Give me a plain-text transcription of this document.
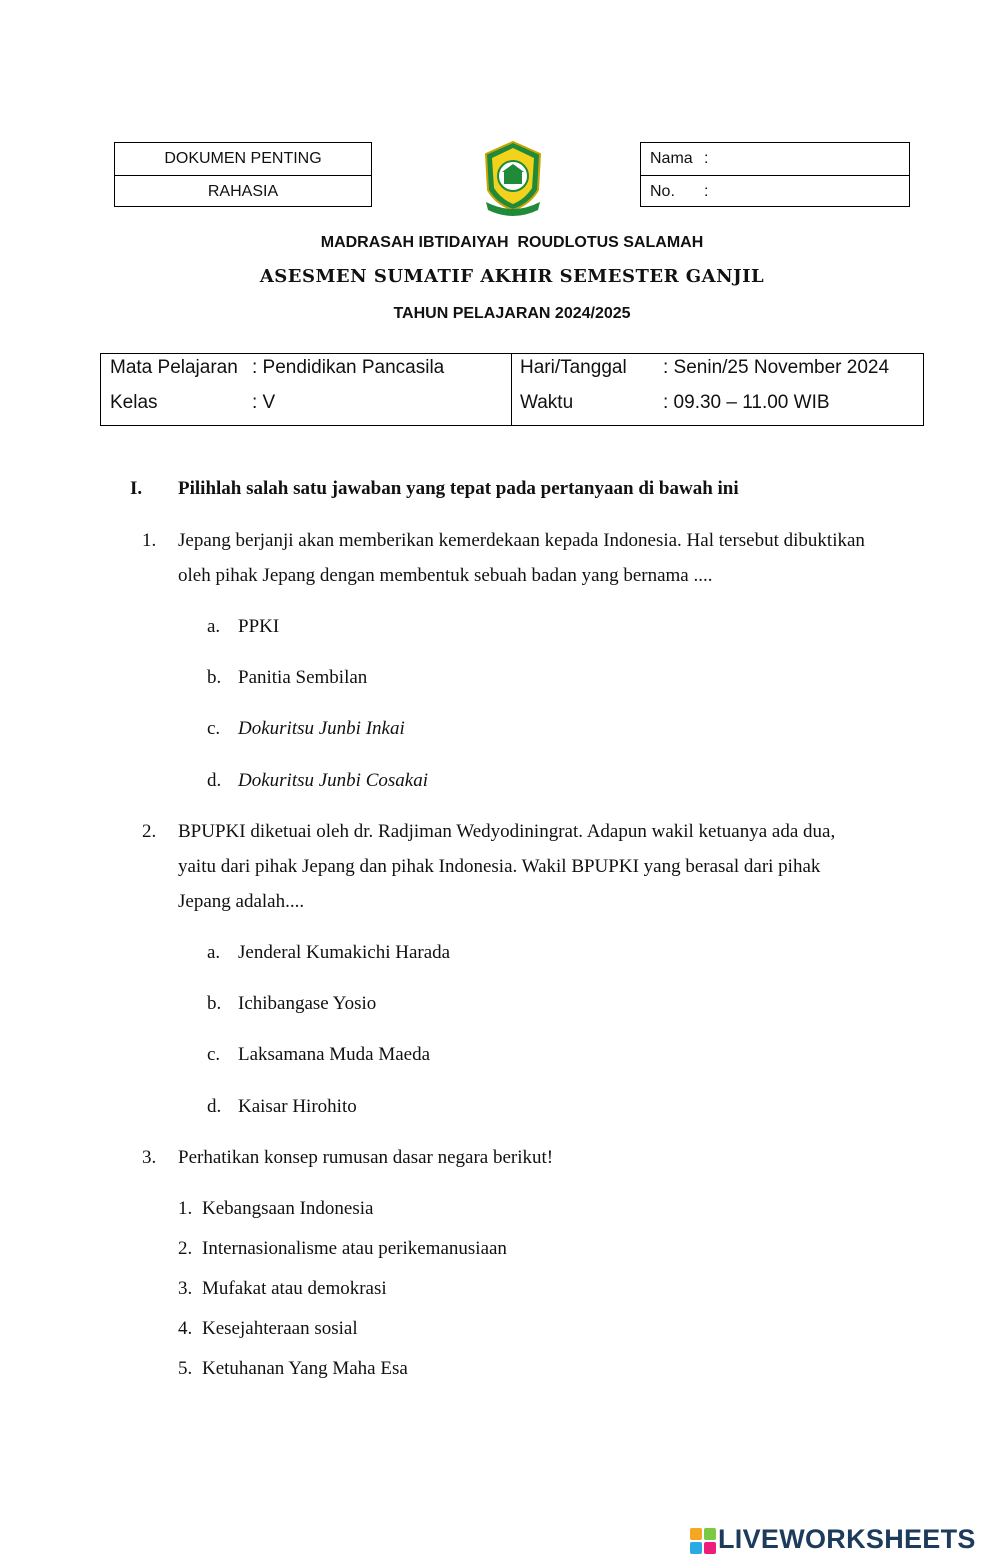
DOKUMEN PENTING
RAHASIA
Nama :
No. :
MADRASAH IBTIDAIYAH  ROUDLOTUS SALAMAH
ASESMEN SUMATIF AKHIR SEMESTER GANJIL
TAHUN PELAJARAN 2024/2025
Mata Pelajaran : Pendidikan Pancasila
Kelas	: V
Hari/Tanggal : Senin/25 November 2024
Waktu	: 09.30 – 11.00 WIB
I. Pilihlah salah satu jawaban yang tepat pada pertanyaan di bawah ini
1. Jepang berjanji akan memberikan kemerdekaan kepada Indonesia. Hal tersebut dibuktikan
oleh pihak Jepang dengan membentuk sebuah badan yang bernama ....
a. PPKI
b. Panitia Sembilan
c. Dokuritsu Junbi Inkai
d. Dokuritsu Junbi Cosakai
2. BPUPKI diketuai oleh dr. Radjiman Wedyodiningrat. Adapun wakil ketuanya ada dua,
yaitu dari pihak Jepang dan pihak Indonesia. Wakil BPUPKI yang berasal dari pihak
Jepang adalah....
a. Jenderal Kumakichi Harada
b. Ichibangase Yosio
c. Laksamana Muda Maeda
d. Kaisar Hirohito
3. Perhatikan konsep rumusan dasar negara berikut!
1. Kebangsaan Indonesia
2. Internasionalisme atau perikemanusiaan
3. Mufakat atau demokrasi
4. Kesejahteraan sosial
5. Ketuhanan Yang Maha Esa
LIVEWORKSHEETS
